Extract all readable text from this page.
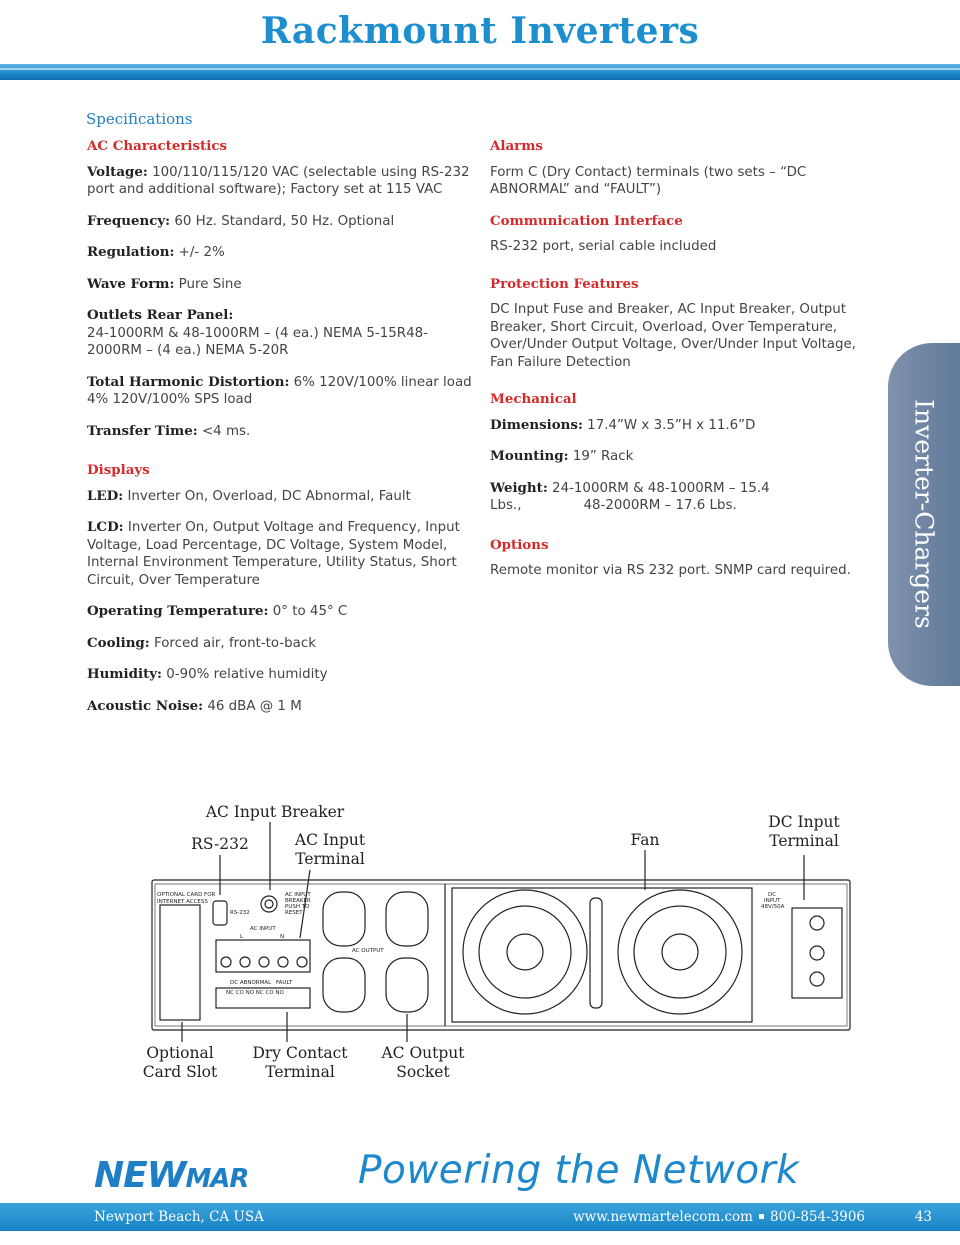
Rackmount Inverters
Specifications
AC Characteristics
Voltage: 100/110/115/120 VAC (selectable using RS-232 port and additional software); Factory set at 115 VAC
Frequency: 60 Hz. Standard, 50 Hz. Optional
Regulation: +/- 2%
Wave Form: Pure Sine
Outlets Rear Panel:
24-1000RM & 48-1000RM – (4 ea.) NEMA 5-15R48-2000RM – (4 ea.) NEMA 5-20R
Total Harmonic Distortion: 6% 120V/100% linear load 4% 120V/100% SPS load
Transfer Time: <4 ms.
Displays
LED: Inverter On, Overload, DC Abnormal, Fault
LCD: Inverter On, Output Voltage and Frequency, Input Voltage, Load Percentage, DC Voltage, System Model, Internal Environment Temperature, Utility Status, Short Circuit, Over Temperature
Operating Temperature: 0° to 45° C
Cooling: Forced air, front-to-back
Humidity: 0-90% relative humidity
Acoustic Noise: 46 dBA @ 1 M
Alarms
Form C (Dry Contact) terminals (two sets – “DC ABNORMAL” and “FAULT”)
Communication Interface
RS-232 port, serial cable included
Protection Features
DC Input Fuse and Breaker, AC Input Breaker, Output Breaker, Short Circuit, Overload, Over Temperature, Over/Under Output Voltage, Over/Under Input Voltage, Fan Failure Detection
Mechanical
Dimensions: 17.4”W x 3.5”H x 11.6”D
Mounting: 19” Rack
Weight: 24-1000RM & 48-1000RM – 15.4 Lbs.,	48-2000RM – 17.6 Lbs.
Options
Remote monitor via RS 232 port. SNMP card required.	Inverter-Chargers
AC Input Breaker
RS-232	AC Input Terminal
Fan
DC Input Terminal
Optional Card Slot
Dry Contact Terminal
AC Output Socket
OPTIONAL CARD FOR
INTERNET ACCESS
RS-232
AC INPUT
BREAKER
PUSH TO
RESET
AC INPUT
L	N
AC OUTPUT
DC ABNORMAL FAULT
NC CO NO NC CO NO
DC
INPUT
48V/50A
NEWMAR	Powering the Network
Newport Beach, CA USA	www.newmartelecom.com 800-854-3906	43
